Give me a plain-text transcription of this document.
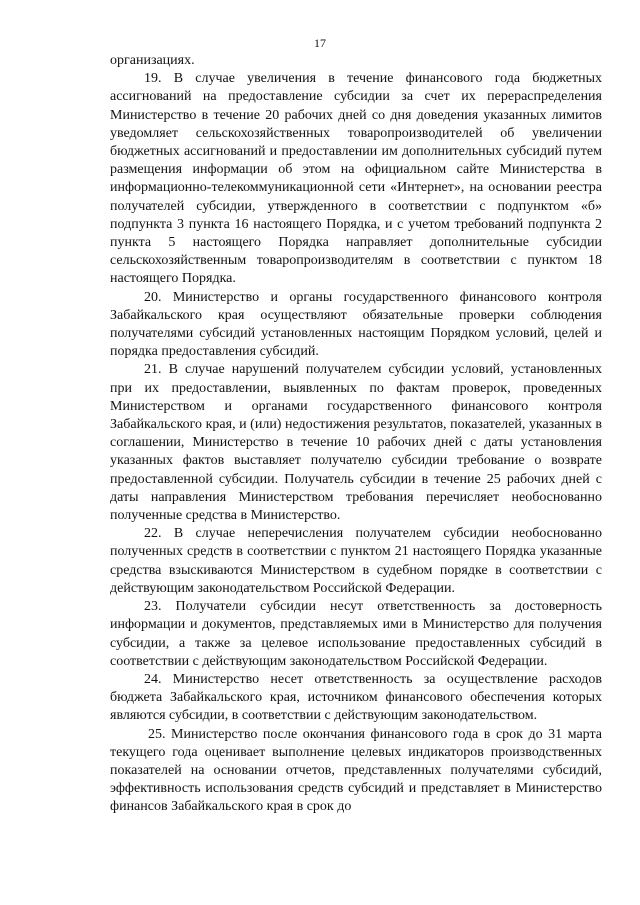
17

организациях.

19. В случае увеличения в течение финансового года бюджетных ассигнований на предоставление субсидии за счет их перераспределения Министерство в течение 20 рабочих дней со дня доведения указанных лимитов уведомляет сельскохозяйственных товаропроизводителей об увеличении бюджетных ассигнований и предоставлении им дополнительных субсидий путем размещения информации об этом на официальном сайте Министерства в информационно-телекоммуникационной сети «Интернет», на основании реестра получателей субсидии, утвержденного в соответствии с подпунктом «б» подпункта 3 пункта 16 настоящего Порядка, и с учетом требований подпункта 2 пункта 5 настоящего Порядка направляет дополнительные субсидии сельскохозяйственным товаропроизводителям в соответствии с пунктом 18 настоящего Порядка.

20. Министерство и органы государственного финансового контроля Забайкальского края осуществляют обязательные проверки соблюдения получателями субсидий установленных настоящим Порядком условий, целей и порядка предоставления субсидий.

21. В случае нарушений получателем субсидии условий, установленных при их предоставлении, выявленных по фактам проверок, проведенных Министерством и органами государственного финансового контроля Забайкальского края, и (или) недостижения результатов, показателей, указанных в соглашении, Министерство в течение 10 рабочих дней с даты установления указанных фактов выставляет получателю субсидии требование о возврате предоставленной субсидии. Получатель субсидии в течение 25 рабочих дней с даты направления Министерством требования перечисляет необоснованно полученные средства в Министерство.

22. В случае неперечисления получателем субсидии необоснованно полученных средств в соответствии с пунктом 21 настоящего Порядка указанные средства взыскиваются Министерством в судебном порядке в соответствии с действующим законодательством Российской Федерации.

23. Получатели субсидии несут ответственность за достоверность информации и документов, представляемых ими в Министерство для получения субсидии, а также за целевое использование предоставленных субсидий в соответствии с действующим законодательством Российской Федерации.

24. Министерство несет ответственность за осуществление расходов бюджета Забайкальского края, источником финансового обеспечения которых являются субсидии, в соответствии с действующим законодательством.

25. Министерство после окончания финансового года в срок до 31 марта текущего года оценивает выполнение целевых индикаторов производственных показателей на основании отчетов, представленных получателями субсидий, эффективность использования средств субсидий и представляет в Министерство финансов Забайкальского края в срок до
